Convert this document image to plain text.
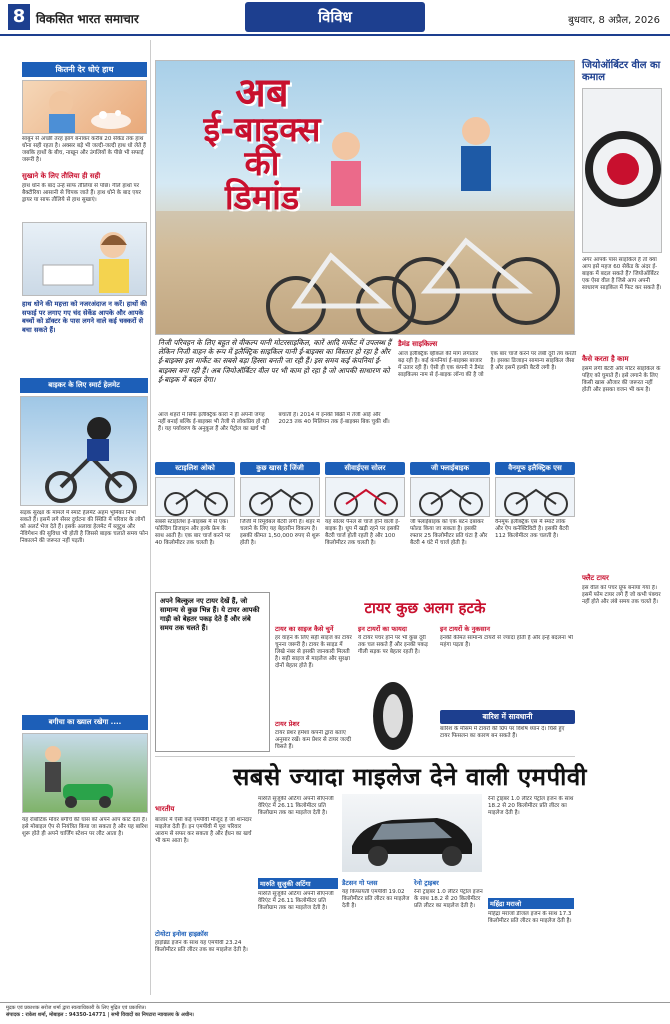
8 विकसित भारत समाचार	विविध	बुधवार, 8 अप्रैल, 2026
कितनी देर धोएं हाथ
साबुन से अच्छी तरह झाग बनाकर करीब 20 सेकेंड तक हाथ धोना सही रहता है। अक्सर बड़े भी जल्दी-जल्दी हाथ धो लेते हैं जबकि हाथों के बीच, नाखून और उंगलियों के पीछे भी सफाई जरूरी है।
सुखाने के लिए तौलिया ही सही
हाथ धोने के बाद उन्हें साफ तौलिया से पोंछें। गीले हाथों पर बैक्टीरिया आसानी से चिपक जाते हैं। हाथ धोने के बाद एयर ड्रायर या साफ तौलिये से हाथ सुखाएं।
हाथ धोने की महत्ता को नजरअंदाज न करें। हाथों की सफाई पर लगाए गए चंद सेकेंड आपके और आपके बच्चों को डॉक्टर के पास लगने वाले कई चक्करों से बचा सकते हैं।
बाइकर के लिए स्मार्ट हेलमेट
सड़क सुरक्षा के मामले में स्मार्ट हेलमेट अहम भूमिका निभा सकते हैं। इसमें लगे सेंसर दुर्घटना की स्थिति में परिवार के लोगों को अलर्ट भेज देते हैं। इसके अलावा हेलमेट में ब्लूटूथ और नेविगेशन की सुविधा भी होती है जिससे बाइक चलाते समय फोन निकालने की जरूरत नहीं पड़ती।
बगीचा का ख्याल रखेगा ....
यह रोबोटिक मोवर बगीचे की घास को अपने आप काट देता है। इसे मोबाइल ऐप से नियंत्रित किया जा सकता है और यह बारिश शुरू होते ही अपने चार्जिंग स्टेशन पर लौट आता है।
अब
ई-बाइक्स
की
डिमांड
निजी परिवहन के लिए बहुत से वीकल्प यानी मोटरसाइकिल, कारें आदि मार्केट में उपलब्ध हैं लेकिन निजी वाहन के रूप में इलैक्ट्रिक साइकिल यानी ई-बाइक्स का विस्तार हो रहा है और ई-बाइक्स इस मार्केट का सबसे बड़ा हिस्सा बनती जा रही हैं। इस समय कई कंपनियां ई-बाइक्स बना रही हैं। अब जियोऑर्बिटर वील पर भी काम हो रहा है जो आपकी साधारण को ई-बाइक में बदल देगा।
आज शहरों में सिर्फ इलैक्ट्रिक कारों ने ही अपनी जगह नहीं बनाई बल्कि ई-बाइक्स भी तेजी से लोकप्रिय हो रही हैं। यह पर्यावरण के अनुकूल हैं और पेट्रोल का खर्च भी बचाती हैं। 2014 में इनकी बिक्री में तेजी आई और 2023 तक 40 मिलियन तक ई-बाइक्स बिक चुकी थीं।
डैमंड साइकिल्स
आज इलैक्ट्रिक व्हीकल की मांग लगातार बढ़ रही है। कई कंपनियां ई-बाइक्स बाजार में उतार रही हैं। ऐसी ही एक कंपनी ने डैमंड साइकिल्स नाम से ई-बाइक लॉन्च की है जो एक बार चार्ज करने पर लंबी दूरी तय करती है। इसका डिजाइन सामान्य साइकिल जैसा है और इसमें हल्की बैटरी लगी है।
जियोऑर्बिटर वील का कमाल
अगर आपके पास साइकिल है तो क्या आप इसे महज 60 सेकेंड के अंदर ई-बाइक में बदल सकते हैं? जियोऑर्बिटर एक ऐसा वील है जिसे आप अपनी साधारण साइकिल में फिट कर सकते हैं।
कैसे करता है काम
इसमें लगी बैटरी और मोटर साइकिल के पहिए को घुमाते हैं। इसे लगाने के लिए किसी खास औजार की जरूरत नहीं होती और इसका वजन भी कम है।
फ्लैट टायर
इस वील को पंचर प्रूफ बनाया गया है। इसमें फोम टायर लगे हैं जो कभी पंक्चर नहीं होते और लंबे समय तक चलते हैं।
स्टाइलिश ओको
सबसे स्टाइलिश ई-बाइक्स में से एक। फोल्डिंग डिजाइन और हल्के फ्रेम के साथ आती है। एक बार चार्ज करने पर 40 किलोमीटर तक चलती है।
कुछ खास है जिंजी
जिंजी में रिमूवेबल बैटरी लगी है। शहर में चलाने के लिए यह बेहतरीन विकल्प है। इसकी कीमत 1,50,000 रुपए से शुरू होती है।
सीवाईएस सोलर
यह सोलर पैनल से चार्ज होने वाली ई-बाइक है। धूप में खड़ी रहने पर इसकी बैटरी चार्ज होती रहती है और 100 किलोमीटर तक चलती है।
जी फ्लाईबाइक
जी फ्लाईबाइक को एक बटन दबाकर फोल्ड किया जा सकता है। इसकी रफ्तार 25 किलोमीटर प्रति घंटा है और बैटरी 4 घंटे में चार्ज होती है।
वैनमूफ इलैक्ट्रिक एस
वैनमूफ इलैक्ट्रिक एस में स्मार्ट लॉक और ऐप कनेक्टिविटी है। इसकी बैटरी 112 किलोमीटर तक चलती है।
अपने बिल्कुल नए टायर देखें हैं, जो सामान्य से कुछ भिन्न हैं। ये टायर आपकी गाड़ी को बेहतर पकड़ देते हैं और लंबे समय तक चलते हैं।
टायर कुछ अलग हटके
टायर का साइज कैसे चुनें
हर वाहन के लिए सही साइज का टायर चुनना जरूरी है। टायर के साइड में लिखे नंबर से इसकी जानकारी मिलती है। सही साइज से माइलेज और सुरक्षा दोनों बेहतर होते हैं।
टायर प्रेशर
टायर प्रेशर हमेशा कंपनी द्वारा बताए अनुसार रखें। कम प्रेशर से टायर जल्दी घिसते हैं।
इन टायरों का फायदा
ये टायर पंचर होने पर भी कुछ दूरी तक चल सकते हैं और इनकी पकड़ गीली सड़क पर बेहतर रहती है।
इन टायरों के नुकसान
इनकी कीमत सामान्य टायरों से ज्यादा होती है और इन्हें बदलना भी महंगा पड़ता है।
बारिश में सावधानी
बारिश के मौसम में टायरों की ग्रिप पर विशेष ध्यान दें। घिसे हुए टायर फिसलन का कारण बन सकते हैं।
सबसे ज्यादा माइलेज देने वाली एमपीवी
भारतीय
बाजार में ऐसी कई एमपीवी मौजूद हैं जो शानदार माइलेज देती हैं। इन एमपीवी में पूरा परिवार आराम से सफर कर सकता है और ईंधन का खर्च भी कम आता है।
टोयोटा इनोवा हाइक्रॉस
हाइब्रिड इंजन के साथ यह एमपीवी 23.24 किलोमीटर प्रति लीटर तक का माइलेज देती है।
मारुति सुजुकी अर्टिगा अपनी सीएनजी वेरिएंट में 26.11 किलोमीटर प्रति किलोग्राम तक का माइलेज देती है।
मारुति सुजुकी अर्टिगा
मारुति सुजुकी अर्टिगा अपनी सीएनजी वेरिएंट में 26.11 किलोमीटर प्रति किलोग्राम तक का माइलेज देती है।
डैटसन गो प्लस
यह किफायती एमपीवी 19.02 किलोमीटर प्रति लीटर का माइलेज देती है।
रेनो ट्राइबर
रेनो ट्राइबर 1.0 लीटर पेट्रोल इंजन के साथ 18.2 से 20 किलोमीटर प्रति लीटर का माइलेज देती है।
रेनो ट्राइबर 1.0 लीटर पेट्रोल इंजन के साथ 18.2 से 20 किलोमीटर प्रति लीटर का माइलेज देती है।
महिंद्रा मराजो
महिंद्रा मराजो डीजल इंजन के साथ 17.3 किलोमीटर प्रति लीटर का माइलेज देती है।
मुद्रक एवं प्रकाशक सरोज शर्मा द्वारा स्वत्वाधिकारी के लिए मुद्रित एवं प्रकाशित।
संपादक : राकेश शर्मा, मोबाइल : 94350-14771 | सभी विवादों का निपटारा न्यायालय के अधीन।
